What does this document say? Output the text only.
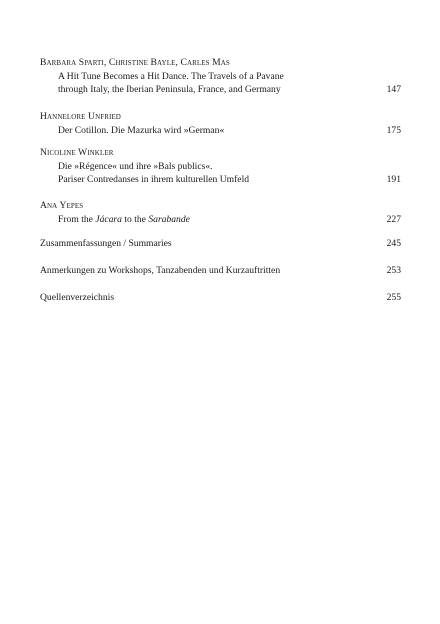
Barbara Sparti, Christine Bayle, Carles Mas
A Hit Tune Becomes a Hit Dance. The Travels of a Pavane
through Italy, the Iberian Peninsula, France, and Germany	147
Hannelore Unfried
Der Cotillon. Die Mazurka wird »German«	175
Nicoline Winkler
Die »Régence« und ihre »Bals publics«.
Pariser Contredanses in ihrem kulturellen Umfeld	191
Ana Yepes
From the Jácara to the Sarabande	227
Zusammenfassungen / Summaries	245
Anmerkungen zu Workshops, Tanzabenden und Kurzauftritten	253
Quellenverzeichnis	255
